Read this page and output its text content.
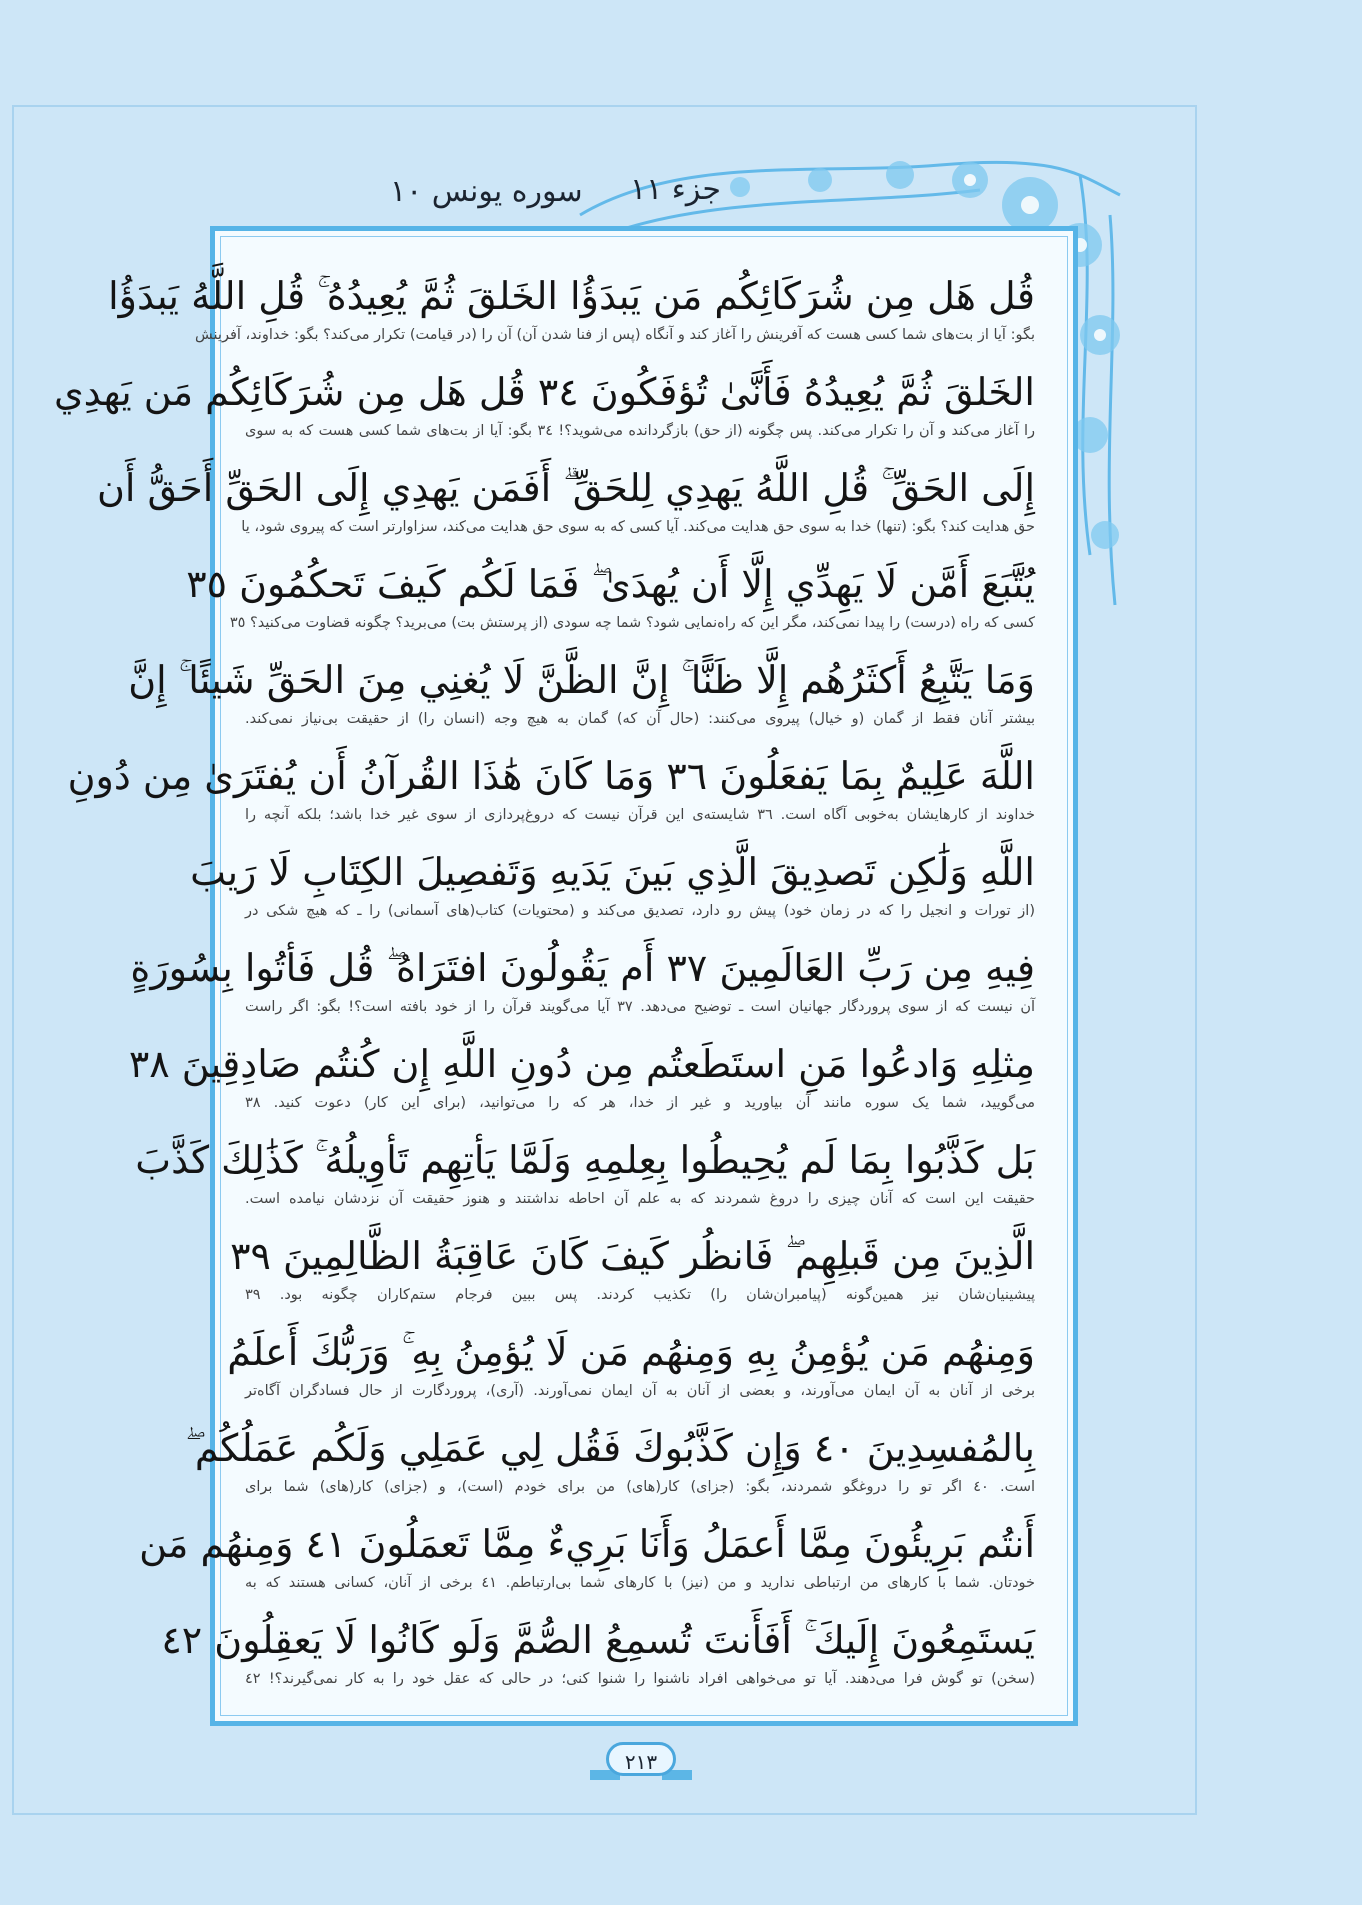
سوره یونس ١٠ جزء ١١
قُل هَل مِن شُرَكَائِكُم مَن يَبدَؤُا الخَلقَ ثُمَّ يُعِيدُهُ ۚ قُلِ اللَّهُ يَبدَؤُا
بگو: آیا از بت‌های شما کسی هست که آفرینش را آغاز کند و آنگاه (پس از فنا شدن آن) آن را (در قیامت) تکرار می‌کند؟ بگو: خداوند، آفرینش
الخَلقَ ثُمَّ يُعِيدُهُ فَأَنَّىٰ تُؤفَكُونَ ٣٤ قُل هَل مِن شُرَكَائِكُم مَن يَهدِي
را آغاز می‌کند و آن را تکرار می‌کند. پس چگونه (از حق) بازگردانده می‌شوید؟! ٣٤ بگو: آیا از بت‌های شما کسی هست که به سوی
إِلَى الحَقِّ ۚ قُلِ اللَّهُ يَهدِي لِلحَقِّ ۗ أَفَمَن يَهدِي إِلَى الحَقِّ أَحَقُّ أَن
حق هدایت کند؟ بگو: (تنها) خدا به سوی حق هدایت می‌کند. آیا کسی که به سوی حق هدایت می‌کند، سزاوارتر است که پیروی شود، یا
يُتَّبَعَ أَمَّن لَا يَهِدِّي إِلَّا أَن يُهدَىٰ ۖ فَمَا لَكُم كَيفَ تَحكُمُونَ ٣٥
کسی که راه (درست) را پیدا نمی‌کند، مگر این که راه‌نمایی شود؟ شما چه سودی (از پرستش بت) می‌برید؟ چگونه قضاوت می‌کنید؟ ٣٥
وَمَا يَتَّبِعُ أَكثَرُهُم إِلَّا ظَنًّا ۚ إِنَّ الظَّنَّ لَا يُغنِي مِنَ الحَقِّ شَيئًا ۚ إِنَّ
بیشتر آنان فقط از گمان (و خیال) پیروی می‌کنند: (حال آن که) گمان به هیچ وجه (انسان را) از حقیقت بی‌نیاز نمی‌کند.
اللَّهَ عَلِيمٌ بِمَا يَفعَلُونَ ٣٦ وَمَا كَانَ هَٰذَا القُرآنُ أَن يُفتَرَىٰ مِن دُونِ
خداوند از کارهایشان به‌خوبی آگاه است. ٣٦ شایسته‌ی این قرآن نیست که دروغ‌پردازی از سوی غیر خدا باشد؛ بلکه آنچه را
اللَّهِ وَلَٰكِن تَصدِيقَ الَّذِي بَينَ يَدَيهِ وَتَفصِيلَ الكِتَابِ لَا رَيبَ
(از تورات و انجیل را که در زمان خود) پیش رو دارد، تصدیق می‌کند و (محتویات) کتاب(های آسمانی) را ـ که هیچ شکی در
فِيهِ مِن رَبِّ العَالَمِينَ ٣٧ أَم يَقُولُونَ افتَرَاهُ ۖ قُل فَأتُوا بِسُورَةٍ
آن نیست که از سوی پروردگار جهانیان است ـ توضیح می‌دهد. ٣٧ آیا می‌گویند قرآن را از خود بافته است؟! بگو: اگر راست
مِثلِهِ وَادعُوا مَنِ استَطَعتُم مِن دُونِ اللَّهِ إِن كُنتُم صَادِقِينَ ٣٨
می‌گویید، شما یک سوره مانند آن بیاورید و غیر از خدا، هر که را می‌توانید، (برای این کار) دعوت کنید. ٣٨
بَل كَذَّبُوا بِمَا لَم يُحِيطُوا بِعِلمِهِ وَلَمَّا يَأتِهِم تَأوِيلُهُ ۚ كَذَٰلِكَ كَذَّبَ
حقیقت این است که آنان چیزی را دروغ شمردند که به علم آن احاطه نداشتند و هنوز حقیقت آن نزدشان نیامده است.
الَّذِينَ مِن قَبلِهِم ۖ فَانظُر كَيفَ كَانَ عَاقِبَةُ الظَّالِمِينَ ٣٩
پیشینیان‌شان نیز همین‌گونه (پیامبران‌شان را) تکذیب کردند. پس ببین فرجام ستم‌کاران چگونه بود. ٣٩
وَمِنهُم مَن يُؤمِنُ بِهِ وَمِنهُم مَن لَا يُؤمِنُ بِهِ ۚ وَرَبُّكَ أَعلَمُ
برخی از آنان به آن ایمان می‌آورند، و بعضی از آنان به آن ایمان نمی‌آورند. (آری)، پروردگارت از حال فسادگران آگاه‌تر
بِالمُفسِدِينَ ٤٠ وَإِن كَذَّبُوكَ فَقُل لِي عَمَلِي وَلَكُم عَمَلُكُم ۖ
است. ٤٠ اگر تو را دروغگو شمردند، بگو: (جزای) کار(های) من برای خودم (است)، و (جزای) کار(های) شما برای
أَنتُم بَرِيئُونَ مِمَّا أَعمَلُ وَأَنَا بَرِيءٌ مِمَّا تَعمَلُونَ ٤١ وَمِنهُم مَن
خودتان. شما با کارهای من ارتباطی ندارید و من (نیز) با کارهای شما بی‌ارتباطم. ٤١ برخی از آنان، کسانی هستند که به
يَستَمِعُونَ إِلَيكَ ۚ أَفَأَنتَ تُسمِعُ الصُّمَّ وَلَو كَانُوا لَا يَعقِلُونَ ٤٢
(سخن) تو گوش فرا می‌دهند. آیا تو می‌خواهی افراد ناشنوا را شنوا کنی؛ در حالی که عقل خود را به کار نمی‌گیرند؟! ٤٢
٢١٣
